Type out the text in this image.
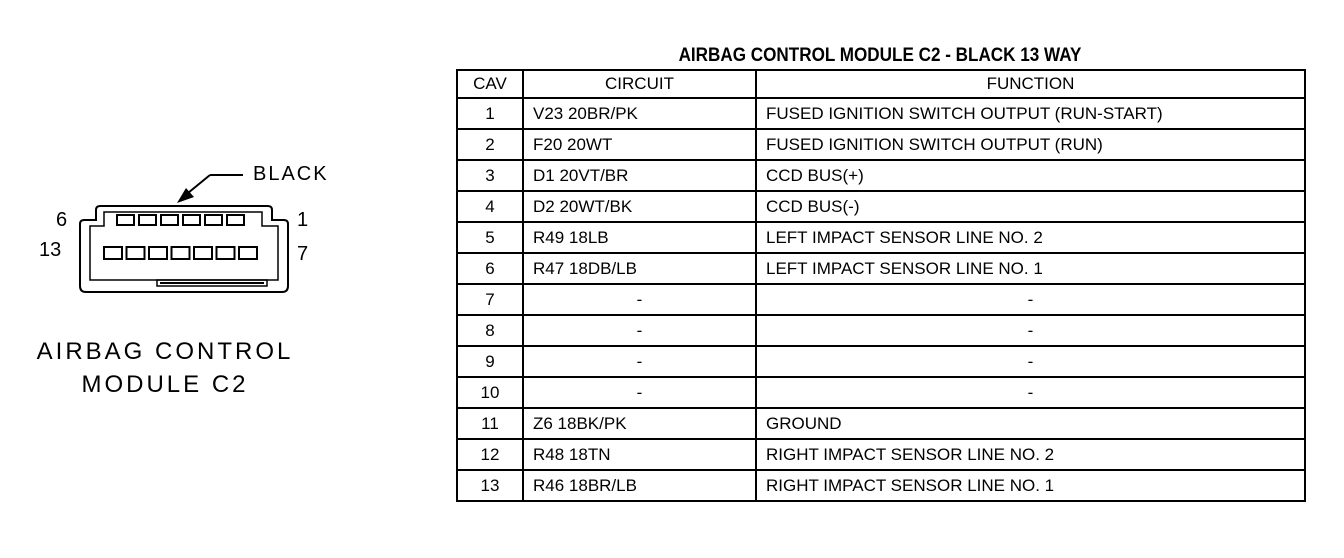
BLACK
6
13
1
7
AIRBAG CONTROL
MODULE C2
AIRBAG CONTROL MODULE C2 - BLACK 13 WAY
CAV	CIRCUIT	FUNCTION
1	V23 20BR/PK	FUSED IGNITION SWITCH OUTPUT (RUN-START)
2	F20 20WT	FUSED IGNITION SWITCH OUTPUT (RUN)
3	D1 20VT/BR	CCD BUS(+)
4	D2 20WT/BK	CCD BUS(-)
5	R49 18LB	LEFT IMPACT SENSOR LINE NO. 2
6	R47 18DB/LB	LEFT IMPACT SENSOR LINE NO. 1
7	-	-
8	-	-
9	-	-
10	-	-
11	Z6 18BK/PK	GROUND
12	R48 18TN	RIGHT IMPACT SENSOR LINE NO. 2
13	R46 18BR/LB	RIGHT IMPACT SENSOR LINE NO. 1
